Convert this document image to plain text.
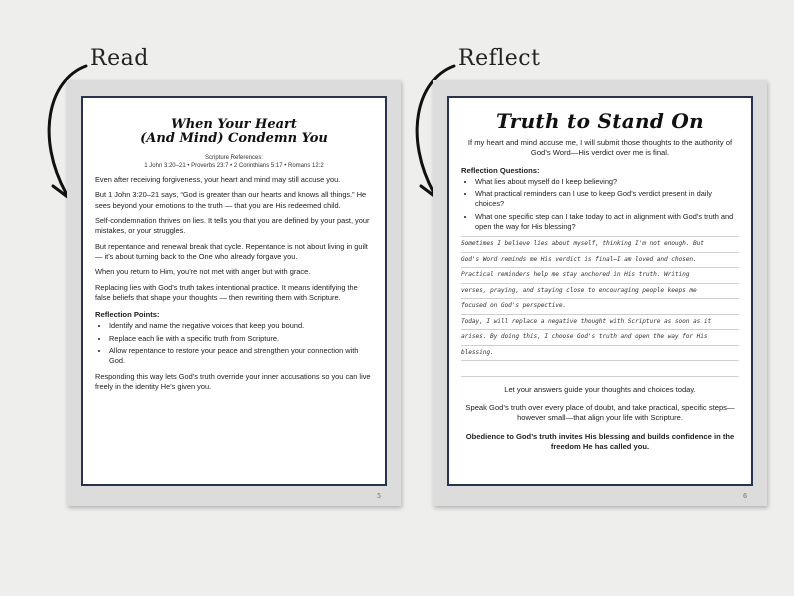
Read	Reflect
When Your Heart
(And Mind) Condemn You
Scripture References:
1 John 3:20–21 • Proverbs 23:7 • 2 Corinthians 5:17 • Romans 12:2

Even after receiving forgiveness, your heart and mind may still accuse you.

But 1 John 3:20–21 says, “God is greater than our hearts and knows all things.” He sees beyond your emotions to the truth — that you are His redeemed child.

Self-condemnation thrives on lies. It tells you that you are defined by your past, your mistakes, or your struggles.

But repentance and renewal break that cycle. Repentance is not about living in guilt — it’s about turning back to the One who already forgave you.

When you return to Him, you’re not met with anger but with grace.

Replacing lies with God’s truth takes intentional practice. It means identifying the false beliefs that shape your thoughts — then rewriting them with Scripture.

Reflection Points:
• Identify and name the negative voices that keep you bound.
• Replace each lie with a specific truth from Scripture.
• Allow repentance to restore your peace and strengthen your connection with God.

Responding this way lets God’s truth override your inner accusations so you can live freely in the identity He’s given you.

5
Truth to Stand On
If my heart and mind accuse me, I will submit those thoughts to the authority of God’s Word—His verdict over me is final.
Reflection Questions:
• What lies about myself do I keep believing?
• What practical reminders can I use to keep God’s verdict present in daily choices?
• What one specific step can I take today to act in alignment with God’s truth and open the way for His blessing?
Sometimes I believe lies about myself, thinking I'm not enough. But
God's Word reminds me His verdict is final—I am loved and chosen.
Practical reminders help me stay anchored in His truth. Writing
verses, praying, and staying close to encouraging people keeps me
focused on God's perspective.
Today, I will replace a negative thought with Scripture as soon as it
arises. By doing this, I choose God's truth and open the way for His
blessing.
Let your answers guide your thoughts and choices today.
Speak God’s truth over every place of doubt, and take practical, specific steps—however small—that align your life with Scripture.
Obedience to God’s truth invites His blessing and builds confidence in the freedom He has called you.
6
